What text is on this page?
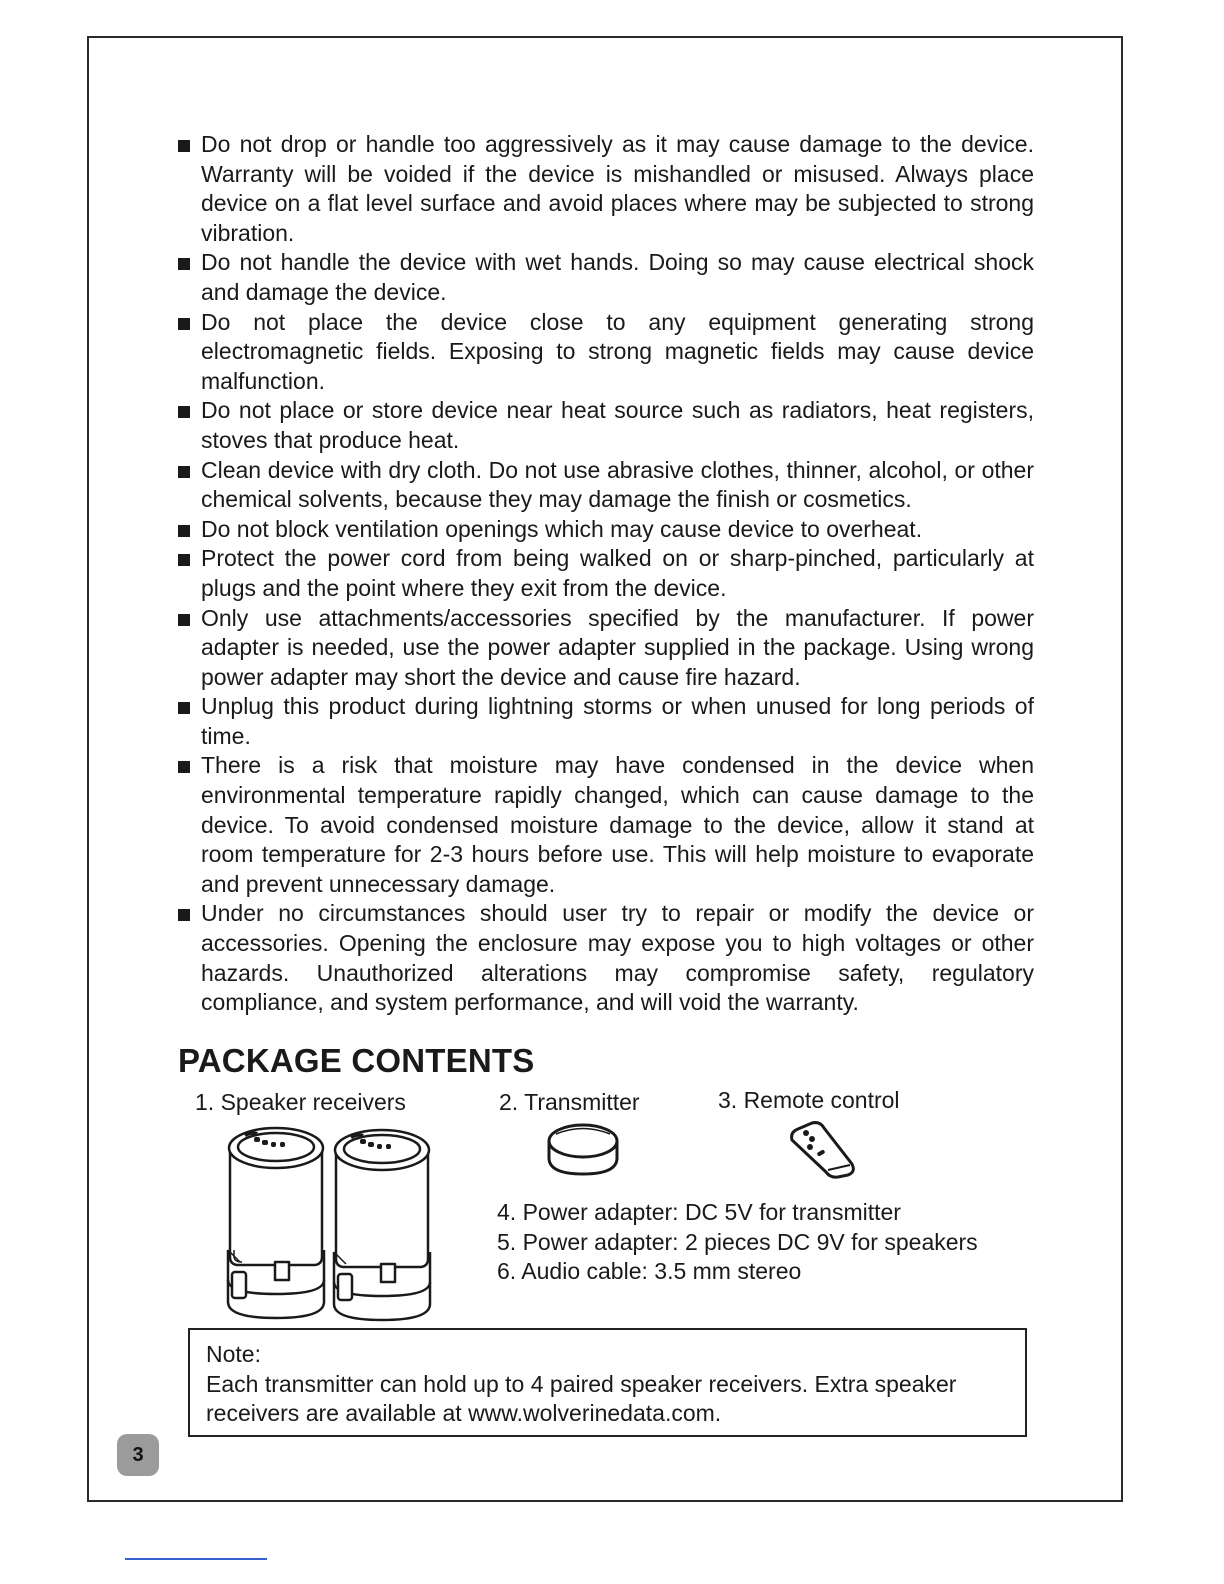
Do not drop or handle too aggressively as it may cause damage to the device. Warranty will be voided if the device is mishandled or misused. Always place device on a flat level surface and avoid places where may be subjected to strong vibration.
Do not handle the device with wet hands. Doing so may cause electrical shock and damage the device.
Do not place the device close to any equipment generating strong electromagnetic fields. Exposing to strong magnetic fields may cause device malfunction.
Do not place or store device near heat source such as radiators, heat registers, stoves that produce heat.
Clean device with dry cloth. Do not use abrasive clothes, thinner, alcohol, or other chemical solvents, because they may damage the finish or cosmetics.
Do not block ventilation openings which may cause device to overheat.
Protect the power cord from being walked on or sharp-pinched, particularly at plugs and the point where they exit from the device.
Only use attachments/accessories specified by the manufacturer. If power adapter is needed, use the power adapter supplied in the package. Using wrong power adapter may short the device and cause fire hazard.
Unplug this product during lightning storms or when unused for long periods of time.
There is a risk that moisture may have condensed in the device when environmental temperature rapidly changed, which can cause damage to the device. To avoid condensed moisture damage to the device, allow it stand at room temperature for 2-3 hours before use. This will help moisture to evaporate and prevent unnecessary damage.
Under no circumstances should user try to repair or modify the device or accessories. Opening the enclosure may expose you to high voltages or other hazards. Unauthorized alterations may compromise safety, regulatory compliance, and system performance, and will void the warranty.
PACKAGE CONTENTS
1. Speaker receivers	2. Transmitter	3. Remote control
4. Power adapter: DC 5V for transmitter
5. Power adapter: 2 pieces DC 9V for speakers
6. Audio cable: 3.5 mm stereo
Note:
Each transmitter can hold up to 4 paired speaker receivers. Extra speaker receivers are available at www.wolverinedata.com.
3
